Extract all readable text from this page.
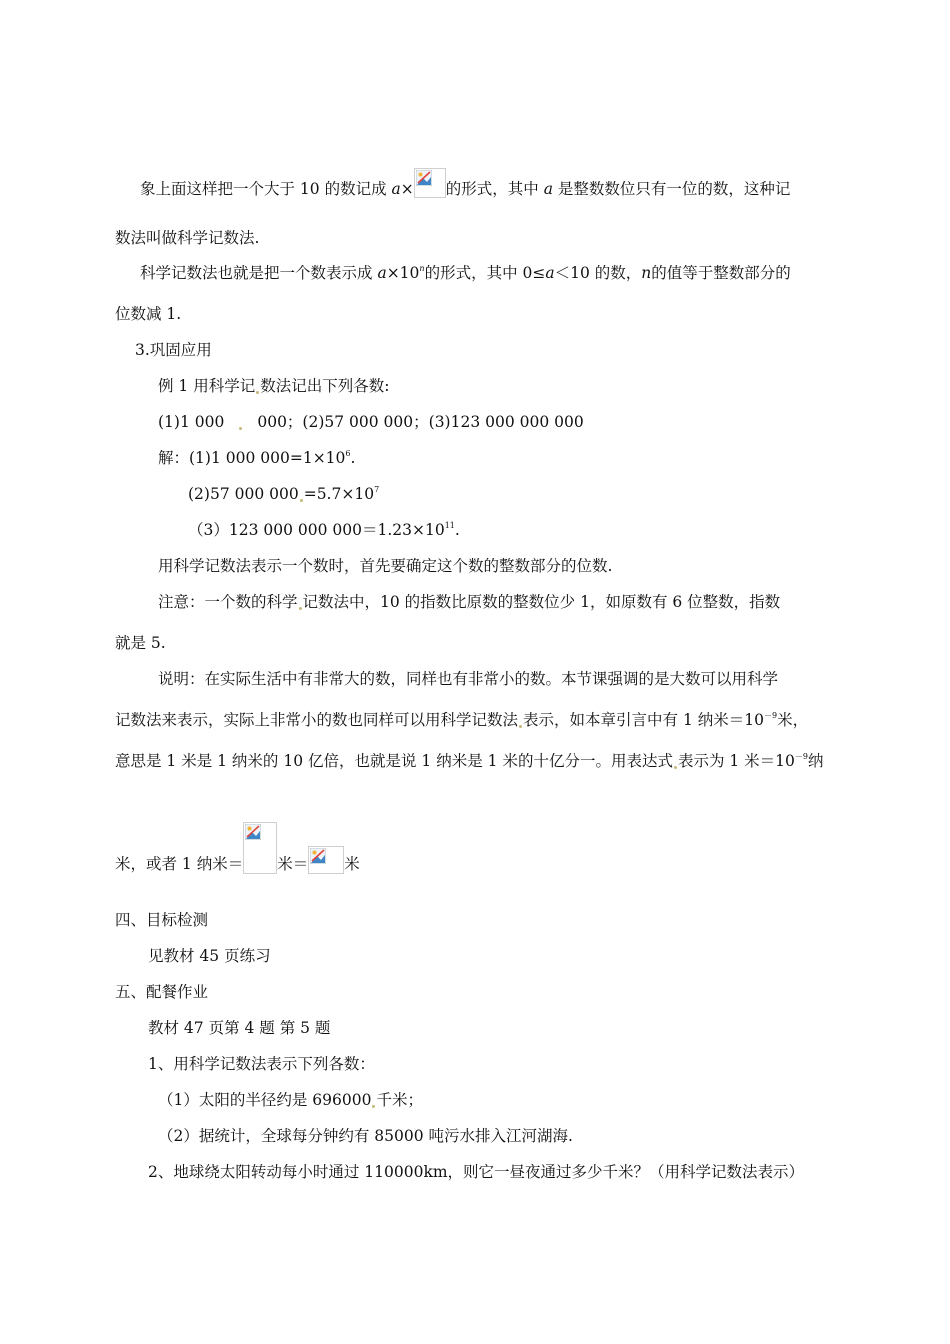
象上面这样把一个大于 10 的数记成 a× 的形式，其中 a 是整数数位只有一位的数，这种记
数法叫做科学记数法.
科学记数法也就是把一个数表示成 $a\times 10^n$的形式，其中 0≤a＜10 的数，n的值等于整数部分的
位数减 1.
3.巩固应用
例 1 用科学记 数法记出下列各数:
(1)1 000 000；(2)57 000 000；(3)123 000 000 000
解：(1)1 000 $000=1\times 10^6$.
(2)57 000 $000 =5.7\times 10^7$
（3）123 000 000 $000=1.23\times 10^{11}$.
用科学记数法表示一个数时，首先要确定这个数的整数部分的位数.
注意：一个数的科学 记数法中，10 的指数比原数的整数位少 1，如原数有 6 位整数，指数
就是 5.
说明：在实际生活中有非常大的数，同样也有非常小的数。本节课强调的是大数可以用科学
记数法来表示，实际上非常小的数也同样可以用科学记数法 表示，如本章引言中有 1 纳米$=10^{-9}$米，
意思是 1 米是 1 纳米的 10 亿倍，也就是说 1 纳米是 1 米的十亿分一。用表达式 表示为 1 米$=10^{-9}$纳
米，或者 1 纳米＝ 米＝ 米
四、目标检测
见教材 45 页练习
五、配餐作业
教材 47 页第 4 题 第 5 题
1、用科学记数法表示下列各数：
（1）太阳的半径约是 696000 千米；
（2）据统计，全球每分钟约有 85000 吨污水排入江河湖海.
2、地球绕太阳转动每小时通过 110000km，则它一昼夜通过多少千米？（用科学记数法表示）
